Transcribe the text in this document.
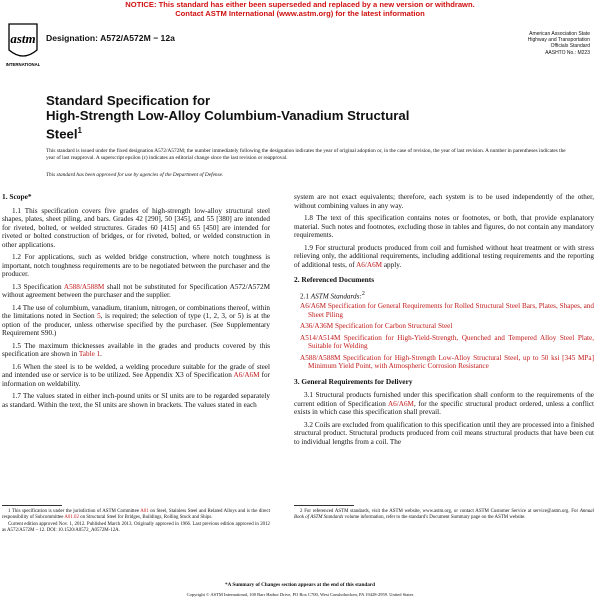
NOTICE: This standard has either been superseded and replaced by a new version or withdrawn.
Contact ASTM International (www.astm.org) for the latest information
astm
INTERNATIONAL
Designation: A572/A572M − 12a	American Association State
Highway and Transportation
Officials Standard
AASHTO No.: M223
Standard Specification for
High-Strength Low-Alloy Columbium-Vanadium Structural
Steel$^1$
This standard is issued under the fixed designation A572/A572M; the number immediately following the designation indicates the year of original adoption or, in the case of revision, the year of last revision. A number in parentheses indicates the year of last reapproval. A superscript epsilon (ε) indicates an editorial change since the last revision or reapproval.
This standard has been approved for use by agencies of the Department of Defense.
1. Scope*

1.1 This specification covers five grades of high-strength low-alloy structural steel shapes, plates, sheet piling, and bars. Grades 42 [290], 50 [345], and 55 [380] are intended for riveted, bolted, or welded structures. Grades 60 [415] and 65 [450] are intended for riveted or bolted construction of bridges, or for riveted, bolted, or welded construction in other applications.

1.2 For applications, such as welded bridge construction, where notch toughness is important, notch toughness requirements are to be negotiated between the purchaser and the producer.

1.3 Specification A588/A588M shall not be substituted for Specification A572/A572M without agreement between the purchaser and the supplier.

1.4 The use of columbium, vanadium, titanium, nitrogen, or combinations thereof, within the limitations noted in Section 5, is required; the selection of type (1, 2, 3, or 5) is at the option of the producer, unless otherwise specified by the purchaser. (See Supplementary Requirement S90.)

1.5 The maximum thicknesses available in the grades and products covered by this specification are shown in Table 1.

1.6 When the steel is to be welded, a welding procedure suitable for the grade of steel and intended use or service is to be utilized. See Appendix X3 of Specification A6/A6M for information on weldability.

1.7 The values stated in either inch-pound units or SI units are to be regarded separately as standard. Within the text, the SI units are shown in brackets. The values stated in each

system are not exact equivalents; therefore, each system is to be used independently of the other, without combining values in any way.

1.8 The text of this specification contains notes or footnotes, or both, that provide explanatory material. Such notes and footnotes, excluding those in tables and figures, do not contain any mandatory requirements.

1.9 For structural products produced from coil and furnished without heat treatment or with stress relieving only, the additional requirements, including additional testing requirements and the reporting of additional tests, of A6/A6M apply.

2. Referenced Documents

2.1 ASTM Standards:$^2$

A6/A6M Specification for General Requirements for Rolled Structural Steel Bars, Plates, Shapes, and Sheet Piling

A36/A36M Specification for Carbon Structural Steel

A514/A514M Specification for High-Yield-Strength, Quenched and Tempered Alloy Steel Plate, Suitable for Welding

A588/A588M Specification for High-Strength Low-Alloy Structural Steel, up to 50 ksi [345 MPa] Minimum Yield Point, with Atmospheric Corrosion Resistance

3. General Requirements for Delivery

3.1 Structural products furnished under this specification shall conform to the requirements of the current edition of Specification A6/A6M, for the specific structural product ordered, unless a conflict exists in which case this specification shall prevail.

3.2 Coils are excluded from qualification to this specification until they are processed into a finished structural product. Structural products produced from coil means structural products that have been cut to individual lengths from a coil. The

1 This specification is under the jurisdiction of ASTM Committee A01 on Steel, Stainless Steel and Related Alloys and is the direct responsibility of Subcommittee A01.02 on Structural Steel for Bridges, Buildings, Rolling Stock and Ships.

Current edition approved Nov. 1, 2012. Published March 2013. Originally approved in 1966. Last previous edition approved in 2012 as A572/A572M – 12. DOI: 10.1520/A0572_A0572M-12A.

2 For referenced ASTM standards, visit the ASTM website, www.astm.org, or contact ASTM Customer Service at service@astm.org. For Annual Book of ASTM Standards volume information, refer to the standard's Document Summary page on the ASTM website.

*A Summary of Changes section appears at the end of this standard
Copyright © ASTM International, 100 Barr Harbor Drive, PO Box C700, West Conshohocken, PA 19428-2959. United States
